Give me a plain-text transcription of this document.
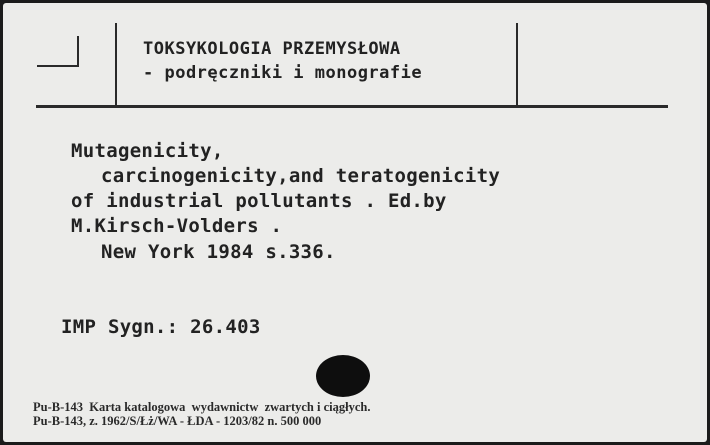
TOKSYKOLOGIA PRZEMYSŁOWA
- podręczniki i monografie
Mutagenicity,
carcinogenicity,and teratogenicity
of industrial pollutants . Ed.by
M.Kirsch-Volders .
New York 1984 s.336.
IMP Sygn.: 26.403
Pu-B-143  Karta katalogowa  wydawnictw  zwartych i ciągłych.
Pu-B-143, z. 1962/S/Łż/WA - ŁDA - 1203/82 n. 500 000
